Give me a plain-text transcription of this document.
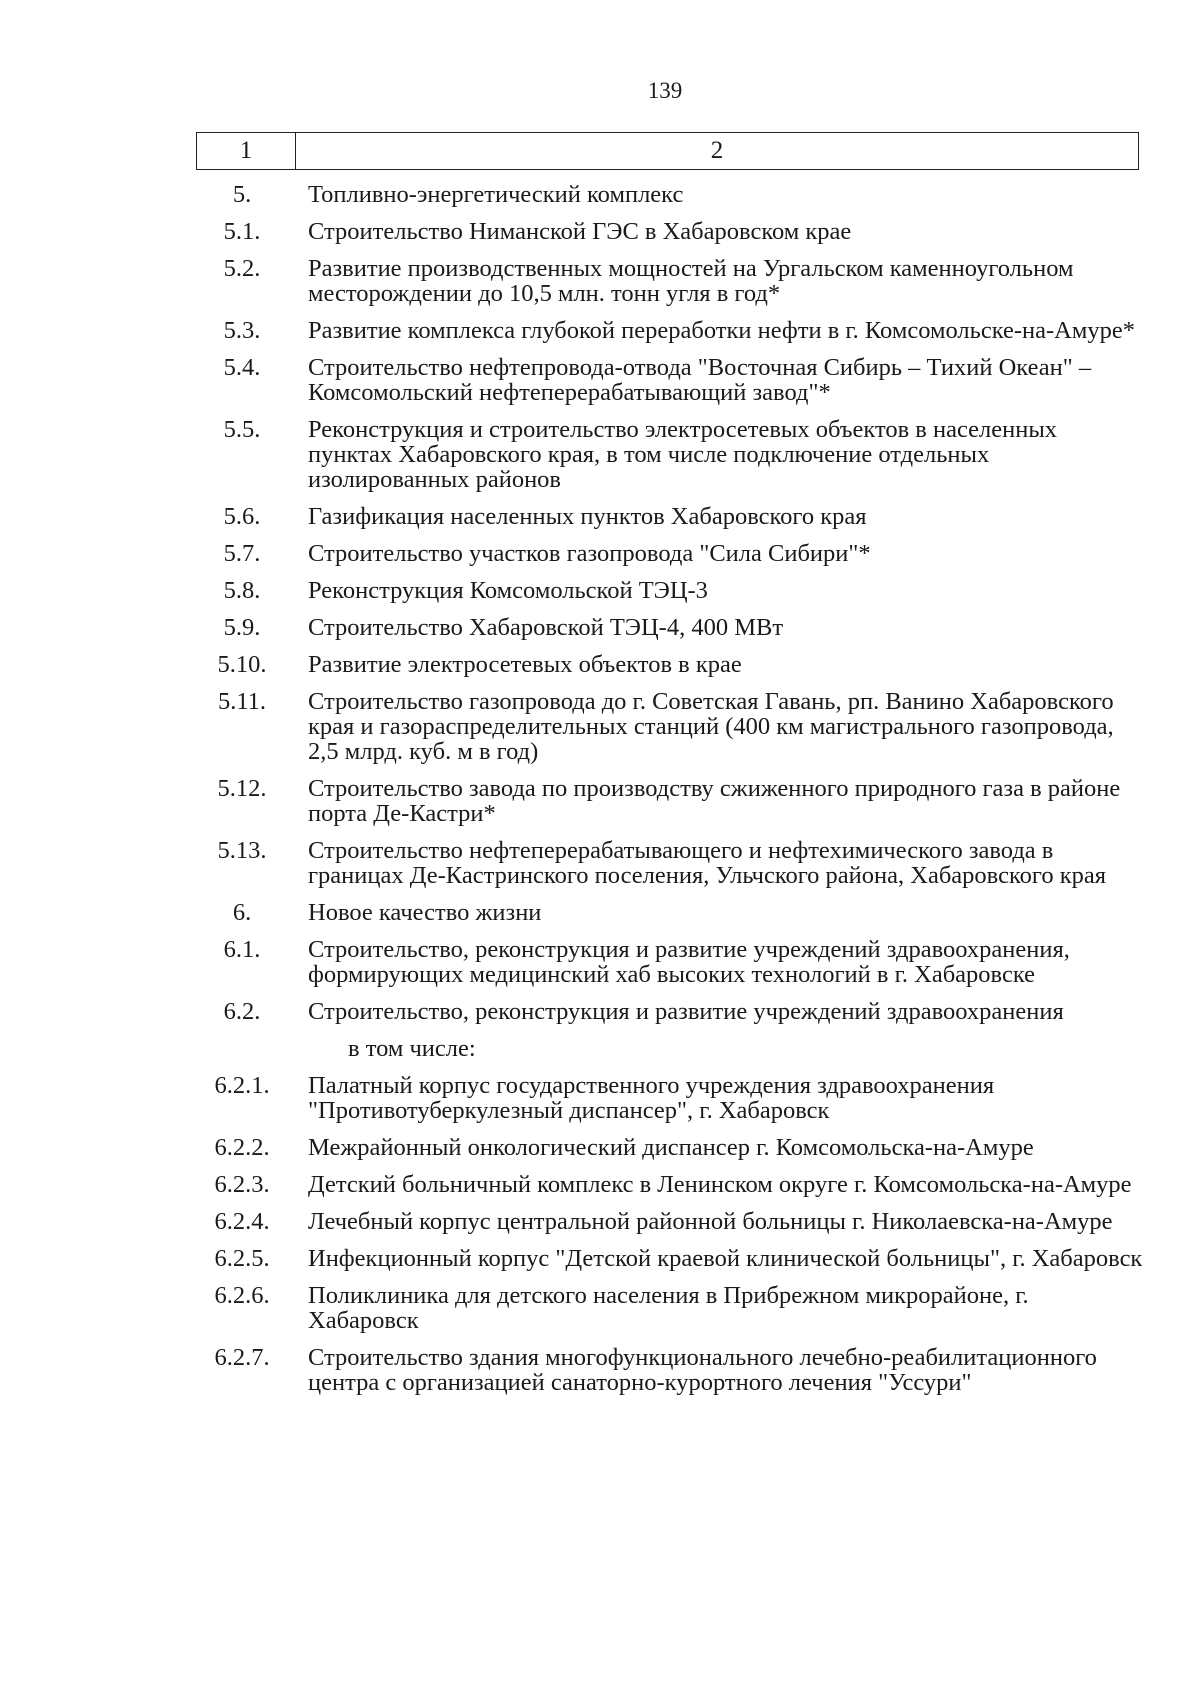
139
1	2
5.	Топливно-энергетический комплекс
5.1.	Строительство Ниманской ГЭС в Хабаровском крае
5.2.	Развитие производственных мощностей на Ургальском каменноугольном месторождении до 10,5 млн. тонн угля в год*
5.3.	Развитие комплекса глубокой переработки нефти в г. Комсомольске-на-Амуре*
5.4.	Строительство нефтепровода-отвода "Восточная Сибирь – Тихий Океан" – Комсомольский нефтеперерабатывающий завод"*
5.5.	Реконструкция и строительство электросетевых объектов в населенных пунктах Хабаровского края, в том числе подключение отдельных изолированных районов
5.6.	Газификация населенных пунктов Хабаровского края
5.7.	Строительство участков газопровода "Сила Сибири"*
5.8.	Реконструкция Комсомольской ТЭЦ-3
5.9.	Строительство Хабаровской ТЭЦ-4, 400 МВт
5.10.	Развитие электросетевых объектов в крае
5.11.	Строительство газопровода до г. Советская Гавань, рп. Ванино Хабаровского края и газораспределительных станций (400 км магистрального газопровода, 2,5 млрд. куб. м в год)
5.12.	Строительство завода по производству сжиженного природного газа в районе порта Де-Кастри*
5.13.	Строительство нефтеперерабатывающего и нефтехимического завода в границах Де-Кастринского поселения, Ульчского района, Хабаровского края
6.	Новое качество жизни
6.1.	Строительство, реконструкция и развитие учреждений здравоохранения, формирующих медицинский хаб высоких технологий в г. Хабаровске
6.2.	Строительство, реконструкция и развитие учреждений здравоохранения
в том числе:
6.2.1.	Палатный корпус государственного учреждения здравоохранения "Противотуберкулезный диспансер", г. Хабаровск
6.2.2.	Межрайонный онкологический диспансер г. Комсомольска-на-Амуре
6.2.3.	Детский больничный комплекс в Ленинском округе г. Комсомольска-на-Амуре
6.2.4.	Лечебный корпус центральной районной больницы г. Николаевска-на-Амуре
6.2.5.	Инфекционный корпус "Детской краевой клинической больницы", г. Хабаровск
6.2.6.	Поликлиника для детского населения в Прибрежном микрорайоне, г. Хабаровск
6.2.7.	Строительство здания многофункционального лечебно-реабилитационного центра с организацией санаторно-курортного лечения "Уссури"
